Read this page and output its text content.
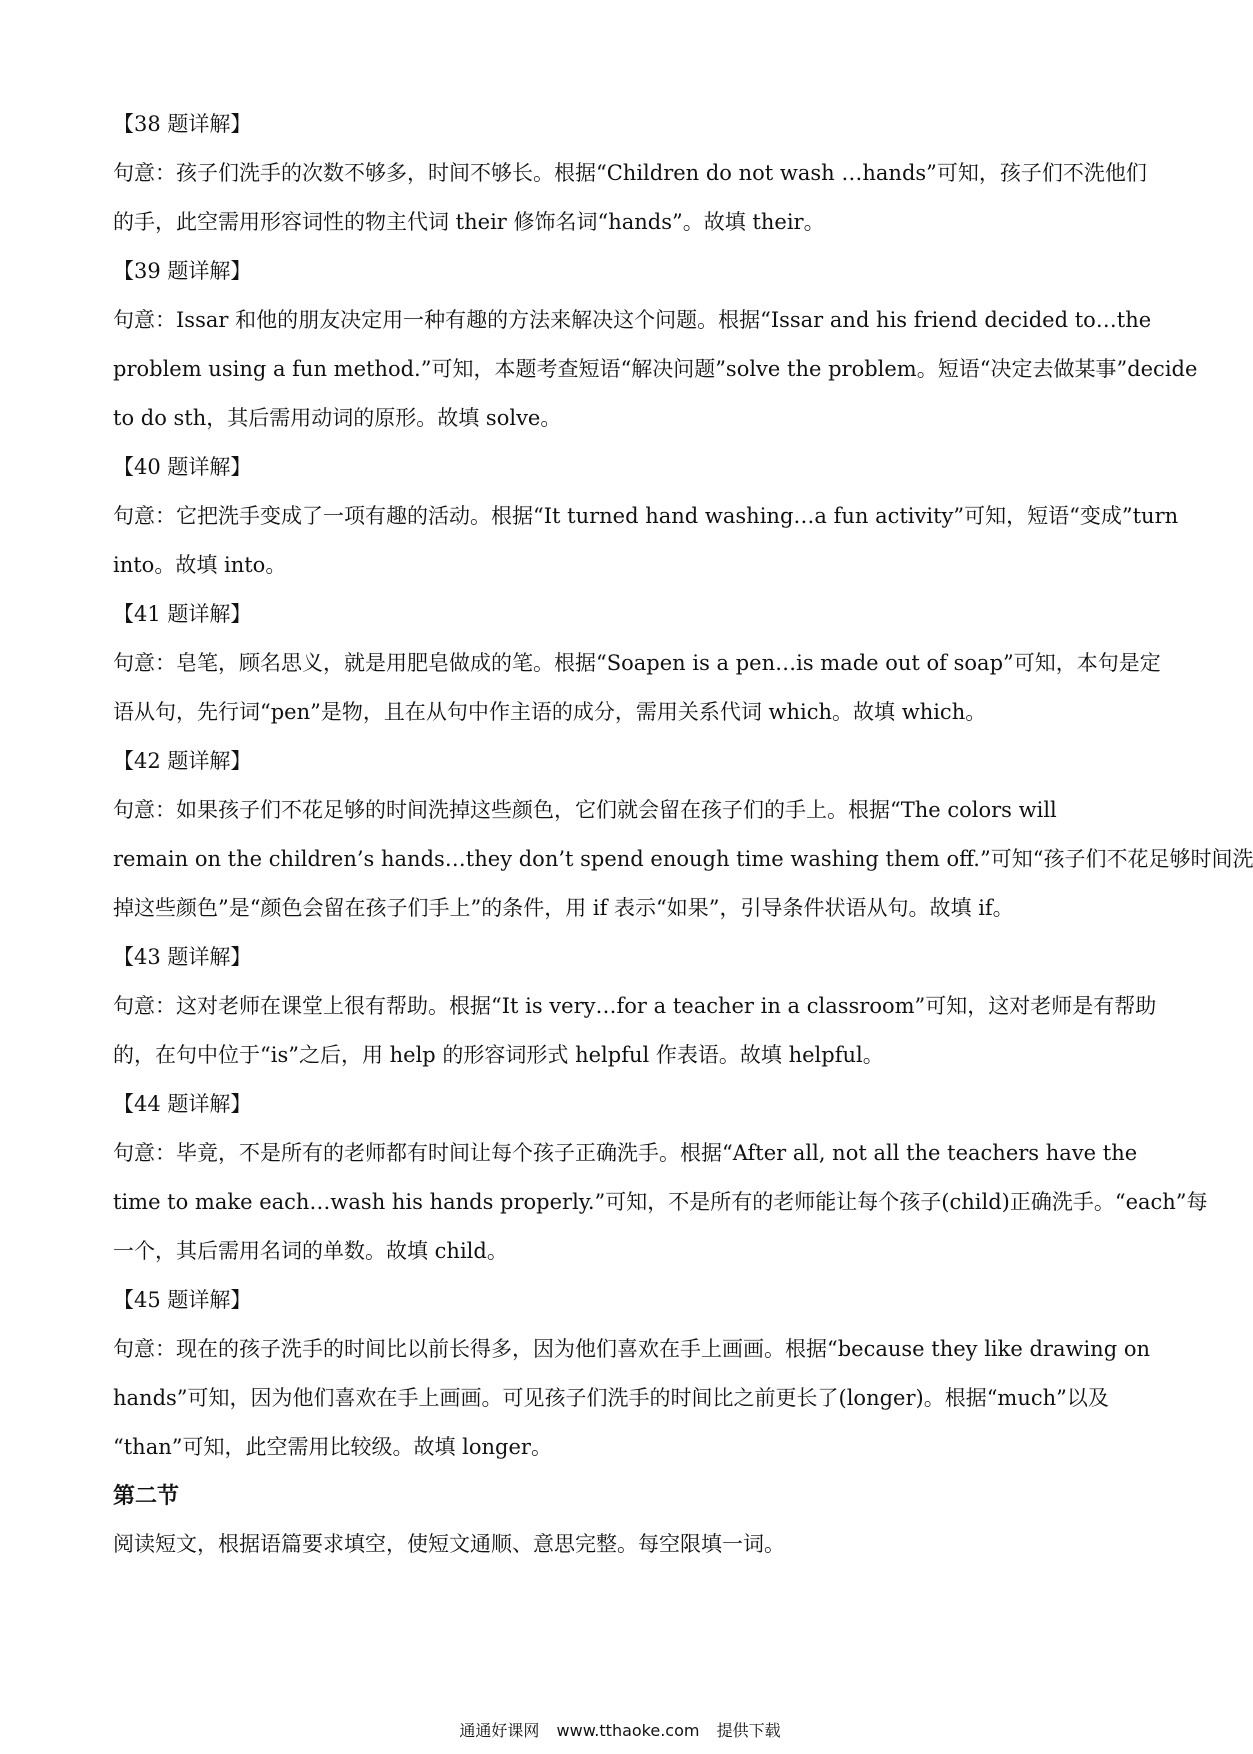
【38 题详解】
句意：孩子们洗手的次数不够多，时间不够长。根据“Children do not wash …hands”可知，孩子们不洗他们
的手，此空需用形容词性的物主代词 their 修饰名词“hands”。故填 their。
【39 题详解】
句意：Issar 和他的朋友决定用一种有趣的方法来解决这个问题。根据“Issar and his friend decided to…the
problem using a fun method.”可知，本题考查短语“解决问题”solve the problem。短语“决定去做某事”decide
to do sth，其后需用动词的原形。故填 solve。
【40 题详解】
句意：它把洗手变成了一项有趣的活动。根据“It turned hand washing…a fun activity”可知，短语“变成”turn
into。故填 into。
【41 题详解】
句意：皂笔，顾名思义，就是用肥皂做成的笔。根据“Soapen is a pen…is made out of soap”可知，本句是定
语从句，先行词“pen”是物，且在从句中作主语的成分，需用关系代词 which。故填 which。
【42 题详解】
句意：如果孩子们不花足够的时间洗掉这些颜色，它们就会留在孩子们的手上。根据“The colors will
remain on the children’s hands…they don’t spend enough time washing them off.”可知“孩子们不花足够时间洗
掉这些颜色”是“颜色会留在孩子们手上”的条件，用 if 表示“如果”，引导条件状语从句。故填 if。
【43 题详解】
句意：这对老师在课堂上很有帮助。根据“It is very…for a teacher in a classroom”可知，这对老师是有帮助
的，在句中位于“is”之后，用 help 的形容词形式 helpful 作表语。故填 helpful。
【44 题详解】
句意：毕竟，不是所有的老师都有时间让每个孩子正确洗手。根据“After all, not all the teachers have the
time to make each…wash his hands properly.”可知，不是所有的老师能让每个孩子(child)正确洗手。“each”每
一个，其后需用名词的单数。故填 child。
【45 题详解】
句意：现在的孩子洗手的时间比以前长得多，因为他们喜欢在手上画画。根据“because they like drawing on
hands”可知，因为他们喜欢在手上画画。可见孩子们洗手的时间比之前更长了(longer)。根据“much”以及
“than”可知，此空需用比较级。故填 longer。
第二节
阅读短文，根据语篇要求填空，使短文通顺、意思完整。每空限填一词。
通通好课网 www.tthaoke.com 提供下载
